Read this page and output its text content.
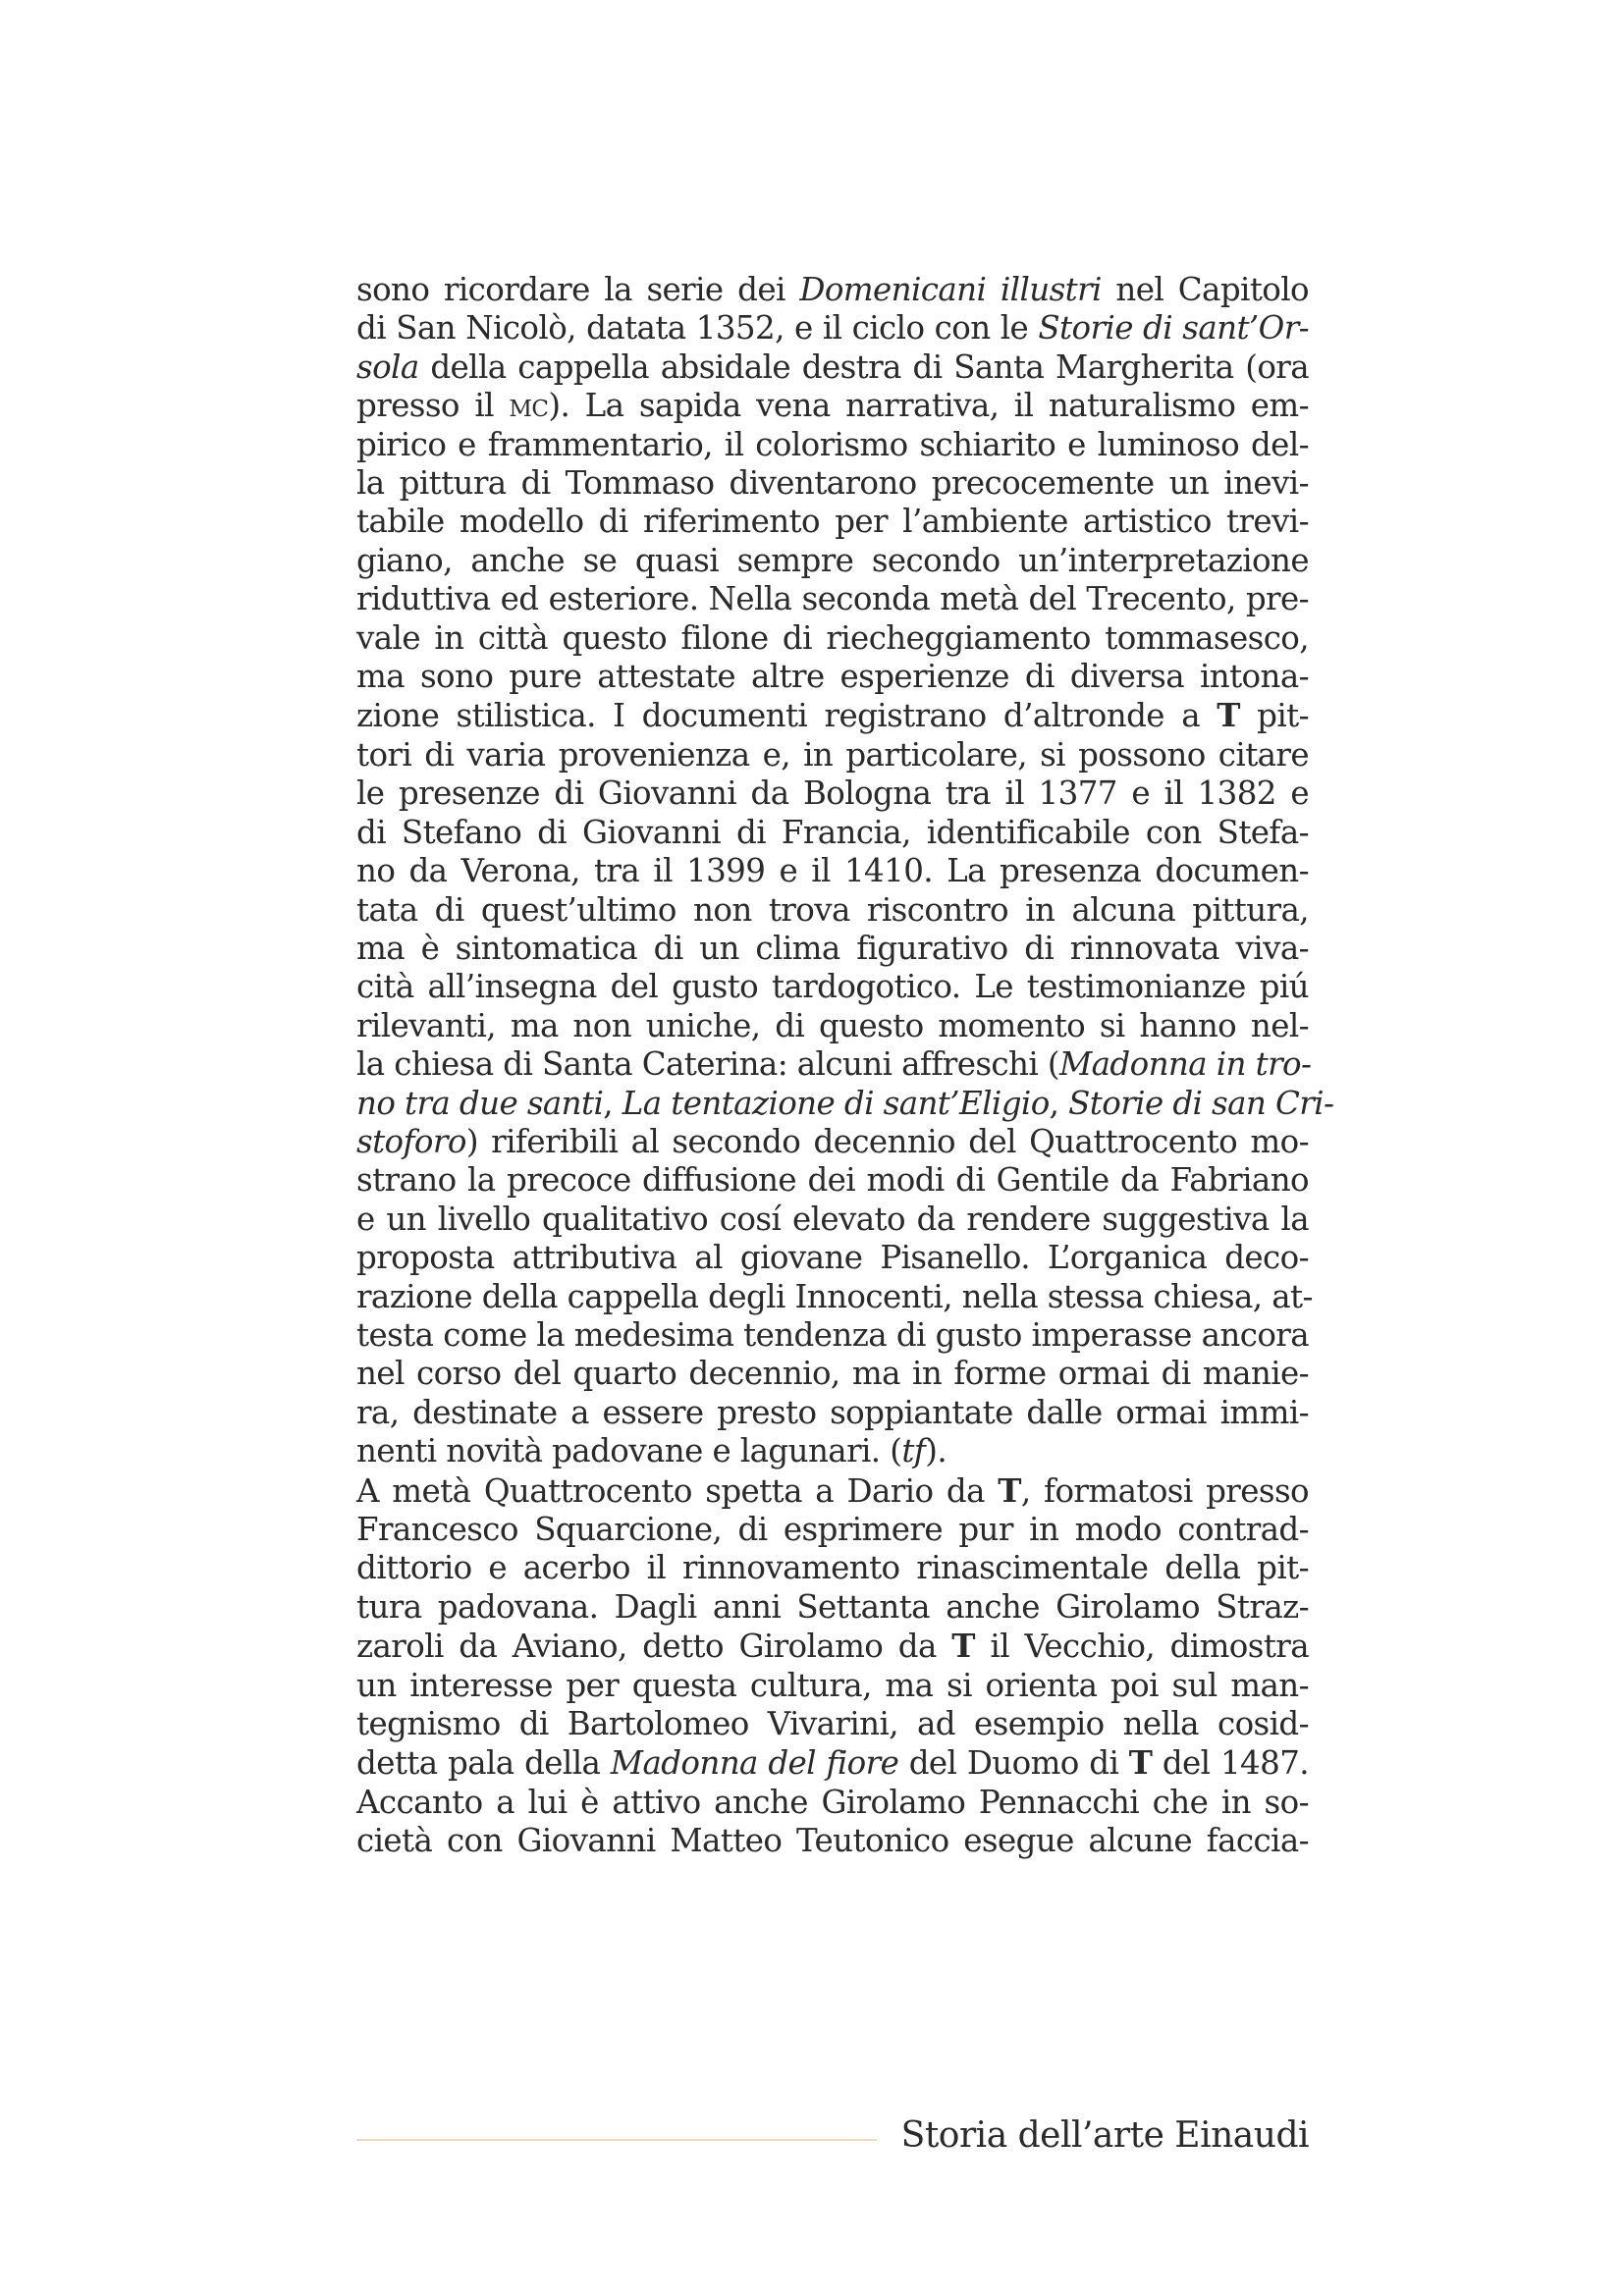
sono ricordare la serie dei Domenicani illustri nel Capitolo
di San Nicolò, datata 1352, e il ciclo con le Storie di sant’Or-
sola della cappella absidale destra di Santa Margherita (ora
presso il mc). La sapida vena narrativa, il naturalismo em-
pirico e frammentario, il colorismo schiarito e luminoso del-
la pittura di Tommaso diventarono precocemente un inevi-
tabile modello di riferimento per l’ambiente artistico trevi-
giano, anche se quasi sempre secondo un’interpretazione
riduttiva ed esteriore. Nella seconda metà del Trecento, pre-
vale in città questo filone di riecheggiamento tommasesco,
ma sono pure attestate altre esperienze di diversa intona-
zione stilistica. I documenti registrano d’altronde a T pit-
tori di varia provenienza e, in particolare, si possono citare
le presenze di Giovanni da Bologna tra il 1377 e il 1382 e
di Stefano di Giovanni di Francia, identificabile con Stefa-
no da Verona, tra il 1399 e il 1410. La presenza documen-
tata di quest’ultimo non trova riscontro in alcuna pittura,
ma è sintomatica di un clima figurativo di rinnovata viva-
cità all’insegna del gusto tardogotico. Le testimonianze piú
rilevanti, ma non uniche, di questo momento si hanno nel-
la chiesa di Santa Caterina: alcuni affreschi (Madonna in tro-
no tra due santi, La tentazione di sant’Eligio, Storie di san Cri-
stoforo) riferibili al secondo decennio del Quattrocento mo-
strano la precoce diffusione dei modi di Gentile da Fabriano
e un livello qualitativo cosí elevato da rendere suggestiva la
proposta attributiva al giovane Pisanello. L’organica deco-
razione della cappella degli Innocenti, nella stessa chiesa, at-
testa come la medesima tendenza di gusto imperasse ancora
nel corso del quarto decennio, ma in forme ormai di manie-
ra, destinate a essere presto soppiantate dalle ormai immi-
nenti novità padovane e lagunari. (tf).
A metà Quattrocento spetta a Dario da T, formatosi presso
Francesco Squarcione, di esprimere pur in modo contrad-
dittorio e acerbo il rinnovamento rinascimentale della pit-
tura padovana. Dagli anni Settanta anche Girolamo Straz-
zaroli da Aviano, detto Girolamo da T il Vecchio, dimostra
un interesse per questa cultura, ma si orienta poi sul man-
tegnismo di Bartolomeo Vivarini, ad esempio nella cosid-
detta pala della Madonna del fiore del Duomo di T del 1487.
Accanto a lui è attivo anche Girolamo Pennacchi che in so-
cietà con Giovanni Matteo Teutonico esegue alcune faccia-
Storia dell’arte Einaudi
